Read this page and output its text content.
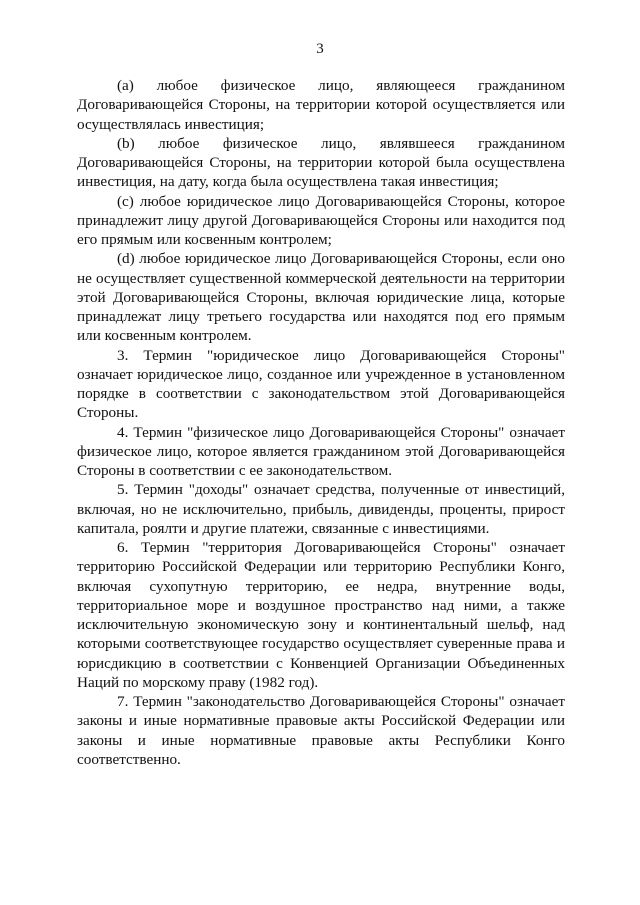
3

(a) любое физическое лицо, являющееся гражданином Договаривающейся Стороны, на территории которой осуществляется или осуществлялась инвестиция;

(b) любое физическое лицо, являвшееся гражданином Договаривающейся Стороны, на территории которой была осуществлена инвестиция, на дату, когда была осуществлена такая инвестиция;

(c) любое юридическое лицо Договаривающейся Стороны, которое принадлежит лицу другой Договаривающейся Стороны или находится под его прямым или косвенным контролем;

(d) любое юридическое лицо Договаривающейся Стороны, если оно не осуществляет существенной коммерческой деятельности на территории этой Договаривающейся Стороны, включая юридические лица, которые принадлежат лицу третьего государства или находятся под его прямым или косвенным контролем.

3. Термин "юридическое лицо Договаривающейся Стороны" означает юридическое лицо, созданное или учрежденное в установленном порядке в соответствии с законодательством этой Договаривающейся Стороны.

4. Термин "физическое лицо Договаривающейся Стороны" означает физическое лицо, которое является гражданином этой Договаривающейся Стороны в соответствии с ее законодательством.

5. Термин "доходы" означает средства, полученные от инвестиций, включая, но не исключительно, прибыль, дивиденды, проценты, прирост капитала, роялти и другие платежи, связанные с инвестициями.

6. Термин "территория Договаривающейся Стороны" означает территорию Российской Федерации или территорию Республики Конго, включая сухопутную территорию, ее недра, внутренние воды, территориальное море и воздушное пространство над ними, а также исключительную экономическую зону и континентальный шельф, над которыми соответствующее государство осуществляет суверенные права и юрисдикцию в соответствии с Конвенцией Организации Объединенных Наций по морскому праву (1982 год).

7. Термин "законодательство Договаривающейся Стороны" означает законы и иные нормативные правовые акты Российской Федерации или законы и иные нормативные правовые акты Республики Конго соответственно.
